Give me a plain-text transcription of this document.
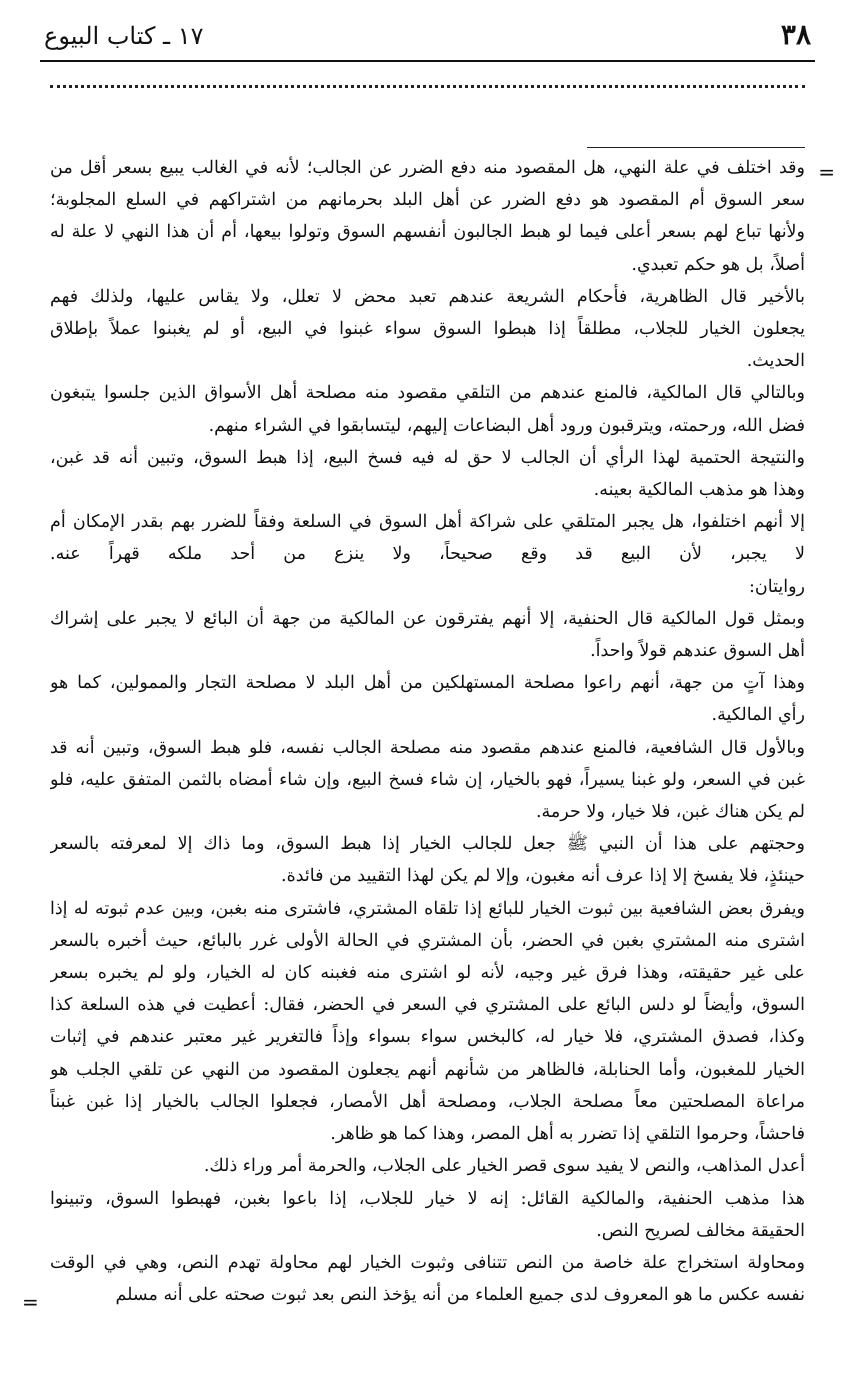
٣٨
١٧ ـ كتاب البيوع
=
=
وقد اختلف في علة النهي، هل المقصود منه دفع الضرر عن الجالب؛ لأنه في الغالب يبيع بسعر أقل من
سعر السوق أم المقصود هو دفع الضرر عن أهل البلد بحرمانهم من اشتراكهم في السلع المجلوبة؛
ولأنها تباع لهم بسعر أعلى فيما لو هبط الجالبون أنفسهم السوق وتولوا بيعها، أم أن هذا النهي لا علة له
أصلاً، بل هو حكم تعبدي.
بالأخير قال الظاهرية، فأحكام الشريعة عندهم تعبد محض لا تعلل، ولا يقاس عليها، ولذلك فهم
يجعلون الخيار للجلاب، مطلقاً إذا هبطوا السوق سواء غبنوا في البيع، أو لم يغبنوا عملاً بإطلاق
الحديث.
وبالتالي قال المالكية، فالمنع عندهم من التلقي مقصود منه مصلحة أهل الأسواق الذين جلسوا يتبغون
فضل الله، ورحمته، ويترقبون ورود أهل البضاعات إليهم، ليتسابقوا في الشراء منهم.
والنتيجة الحتمية لهذا الرأي أن الجالب لا حق له فيه فسخ البيع، إذا هبط السوق، وتبين أنه قد غبن،
وهذا هو مذهب المالكية بعينه.
إلا أنهم اختلفوا، هل يجبر المتلقي على شراكة أهل السوق في السلعة وفقاً للضرر بهم بقدر الإمكان أم
لا يجبر، لأن البيع قد وقع صحيحاً، ولا ينزع من أحد ملكه قهراً عنه.
روايتان:
وبمثل قول المالكية قال الحنفية، إلا أنهم يفترقون عن المالكية من جهة أن البائع لا يجبر على إشراك
أهل السوق عندهم قولاً واحداً.
وهذا آتٍ من جهة، أنهم راعوا مصلحة المستهلكين من أهل البلد لا مصلحة التجار والممولين، كما هو
رأي المالكية.
وبالأول قال الشافعية، فالمنع عندهم مقصود منه مصلحة الجالب نفسه، فلو هبط السوق، وتبين أنه قد
غبن في السعر، ولو غبنا يسيراً، فهو بالخيار، إن شاء فسخ البيع، وإن شاء أمضاه بالثمن المتفق عليه، فلو
لم يكن هناك غبن، فلا خيار، ولا حرمة.
وحجتهم على هذا أن النبي ﷺ جعل للجالب الخيار إذا هبط السوق، وما ذاك إلا لمعرفته بالسعر
حينئذٍ، فلا يفسخ إلا إذا عرف أنه مغبون، وإلا لم يكن لهذا التقييد من فائدة.
ويفرق بعض الشافعية بين ثبوت الخيار للبائع إذا تلقاه المشتري، فاشترى منه بغبن، وبين عدم ثبوته له إذا
اشترى منه المشتري بغبن في الحضر، بأن المشتري في الحالة الأولى غرر بالبائع، حيث أخبره بالسعر
على غير حقيقته، وهذا فرق غير وجيه، لأنه لو اشترى منه فغبنه كان له الخيار، ولو لم يخبره بسعر
السوق، وأيضاً لو دلس البائع على المشتري في السعر في الحضر، فقال: أعطيت في هذه السلعة كذا
وكذا، فصدق المشتري، فلا خيار له، كالبخس سواء بسواء وإذاً فالتغرير غير معتبر عندهم في إثبات
الخيار للمغبون، وأما الحنابلة، فالظاهر من شأنهم أنهم يجعلون المقصود من النهي عن تلقي الجلب هو
مراعاة المصلحتين معاً مصلحة الجلاب، ومصلحة أهل الأمصار، فجعلوا الجالب بالخيار إذا غبن غبناً
فاحشاً، وحرموا التلقي إذا تضرر به أهل المصر، وهذا كما هو ظاهر.
أعدل المذاهب، والنص لا يفيد سوى قصر الخيار على الجلاب، والحرمة أمر وراء ذلك.
هذا مذهب الحنفية، والمالكية القائل: إنه لا خيار للجلاب، إذا باعوا بغبن، فهبطوا السوق، وتبينوا
الحقيقة مخالف لصريح النص.
ومحاولة استخراج علة خاصة من النص تتنافى وثبوت الخيار لهم محاولة تهدم النص، وهي في الوقت
نفسه عكس ما هو المعروف لدى جميع العلماء من أنه يؤخذ النص بعد ثبوت صحته على أنه مسلم
